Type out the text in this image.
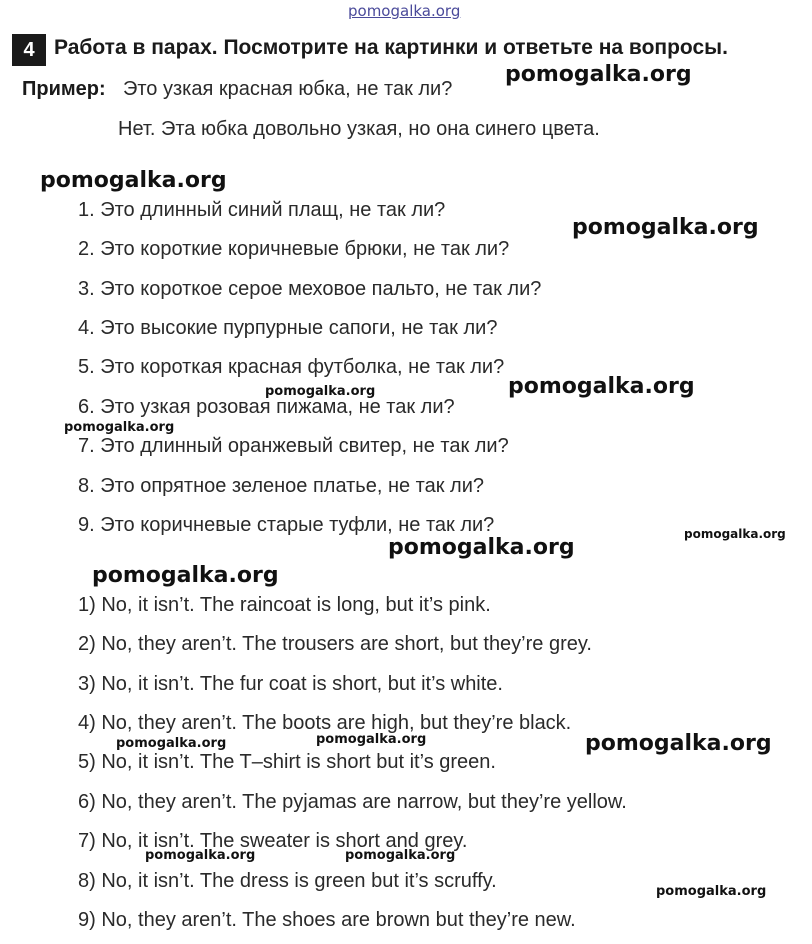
pomogalka.org
pomogalka.org
pomogalka.org
pomogalka.org
pomogalka.org	pomogalka.org
pomogalka.org
pomogalka.org
pomogalka.org
pomogalka.org
pomogalka.org	pomogalka.org	pomogalka.org
pomogalka.org	pomogalka.org
pomogalka.org
4 Работа в парах. Посмотрите на картинки и ответьте на вопросы.
Пример: Это узкая красная юбка, не так ли?
Нет. Эта юбка довольно узкая, но она синего цвета.
1. Это длинный синий плащ, не так ли?
2. Это короткие коричневые брюки, не так ли?
3. Это короткое серое меховое пальто, не так ли?
4. Это высокие пурпурные сапоги, не так ли?
5. Это короткая красная футболка, не так ли?
6. Это узкая розовая пижама, не так ли?
7. Это длинный оранжевый свитер, не так ли?
8. Это опрятное зеленое платье, не так ли?
9. Это коричневые старые туфли, не так ли?
1) No, it isn’t. The raincoat is long, but it’s pink.
2) No, they aren’t. The trousers are short, but they’re grey.
3) No, it isn’t. The fur coat is short, but it’s white.
4) No, they aren’t. The boots are high, but they’re black.
5) No, it isn’t. The T–shirt is short but it’s green.
6) No, they aren’t. The pyjamas are narrow, but they’re yellow.
7) No, it isn’t. The sweater is short and grey.
8) No, it isn’t. The dress is green but it’s scruffy.
9) No, they aren’t. The shoes are brown but they’re new.
